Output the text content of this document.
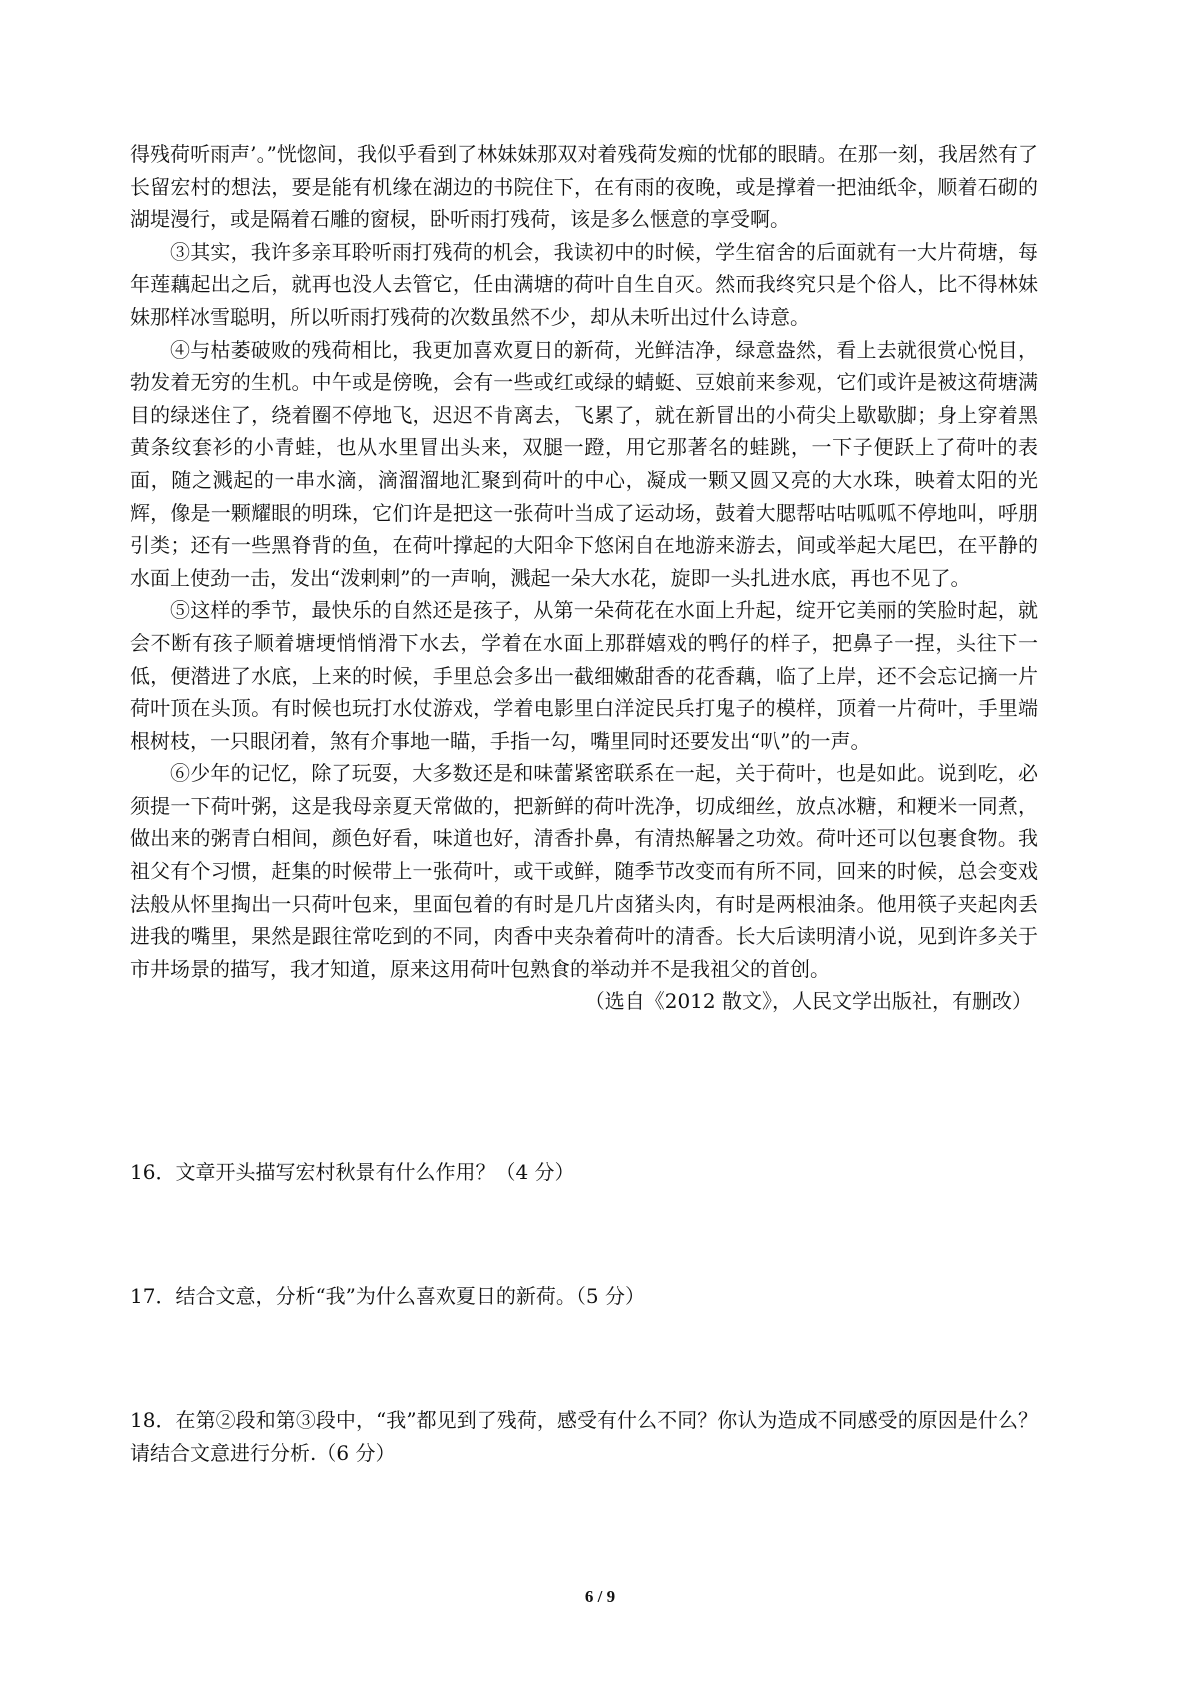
得残荷听雨声’。”恍惚间，我似乎看到了林妹妹那双对着残荷发痴的忧郁的眼睛。在那一刻，我居然有了长留宏村的想法，要是能有机缘在湖边的书院住下，在有雨的夜晚，或是撑着一把油纸伞，顺着石砌的湖堤漫行，或是隔着石雕的窗棂，卧听雨打残荷，该是多么惬意的享受啊。

③其实，我许多亲耳聆听雨打残荷的机会，我读初中的时候，学生宿舍的后面就有一大片荷塘，每年莲藕起出之后，就再也没人去管它，任由满塘的荷叶自生自灭。然而我终究只是个俗人，比不得林妹妹那样冰雪聪明，所以听雨打残荷的次数虽然不少，却从未听出过什么诗意。

④与枯萎破败的残荷相比，我更加喜欢夏日的新荷，光鲜洁净，绿意盎然，看上去就很赏心悦目，勃发着无穷的生机。中午或是傍晚，会有一些或红或绿的蜻蜓、豆娘前来参观，它们或许是被这荷塘满目的绿迷住了，绕着圈不停地飞，迟迟不肯离去，飞累了，就在新冒出的小荷尖上歇歇脚；身上穿着黑黄条纹套衫的小青蛙，也从水里冒出头来，双腿一蹬，用它那著名的蛙跳，一下子便跃上了荷叶的表面，随之溅起的一串水滴，滴溜溜地汇聚到荷叶的中心，凝成一颗又圆又亮的大水珠，映着太阳的光辉，像是一颗耀眼的明珠，它们许是把这一张荷叶当成了运动场，鼓着大腮帮咕咕呱呱不停地叫，呼朋引类；还有一些黑脊背的鱼，在荷叶撑起的大阳伞下悠闲自在地游来游去，间或举起大尾巴，在平静的水面上使劲一击，发出“泼剌剌”的一声响，溅起一朵大水花，旋即一头扎进水底，再也不见了。

⑤这样的季节，最快乐的自然还是孩子，从第一朵荷花在水面上升起，绽开它美丽的笑脸时起，就会不断有孩子顺着塘埂悄悄滑下水去，学着在水面上那群嬉戏的鸭仔的样子，把鼻子一捏，头往下一低，便潜进了水底，上来的时候，手里总会多出一截细嫩甜香的花香藕，临了上岸，还不会忘记摘一片荷叶顶在头顶。有时候也玩打水仗游戏，学着电影里白洋淀民兵打鬼子的模样，顶着一片荷叶，手里端根树枝，一只眼闭着，煞有介事地一瞄，手指一勾，嘴里同时还要发出“叭”的一声。

⑥少年的记忆，除了玩耍，大多数还是和味蕾紧密联系在一起，关于荷叶，也是如此。说到吃，必须提一下荷叶粥，这是我母亲夏天常做的，把新鲜的荷叶洗净，切成细丝，放点冰糖，和粳米一同煮，做出来的粥青白相间，颜色好看，味道也好，清香扑鼻，有清热解暑之功效。荷叶还可以包裹食物。我祖父有个习惯，赶集的时候带上一张荷叶，或干或鲜，随季节改变而有所不同，回来的时候，总会变戏法般从怀里掏出一只荷叶包来，里面包着的有时是几片卤猪头肉，有时是两根油条。他用筷子夹起肉丢进我的嘴里，果然是跟往常吃到的不同，肉香中夹杂着荷叶的清香。长大后读明清小说，见到许多关于市井场景的描写，我才知道，原来这用荷叶包熟食的举动并不是我祖父的首创。

（选自《2012 散文》，人民文学出版社，有删改）

16．文章开头描写宏村秋景有什么作用？（4 分）

17．结合文意，分析“我”为什么喜欢夏日的新荷。（5 分）

18．在第②段和第③段中，“我”都见到了残荷，感受有什么不同？你认为造成不同感受的原因是什么？请结合文意进行分析.（6 分）

6 / 9
